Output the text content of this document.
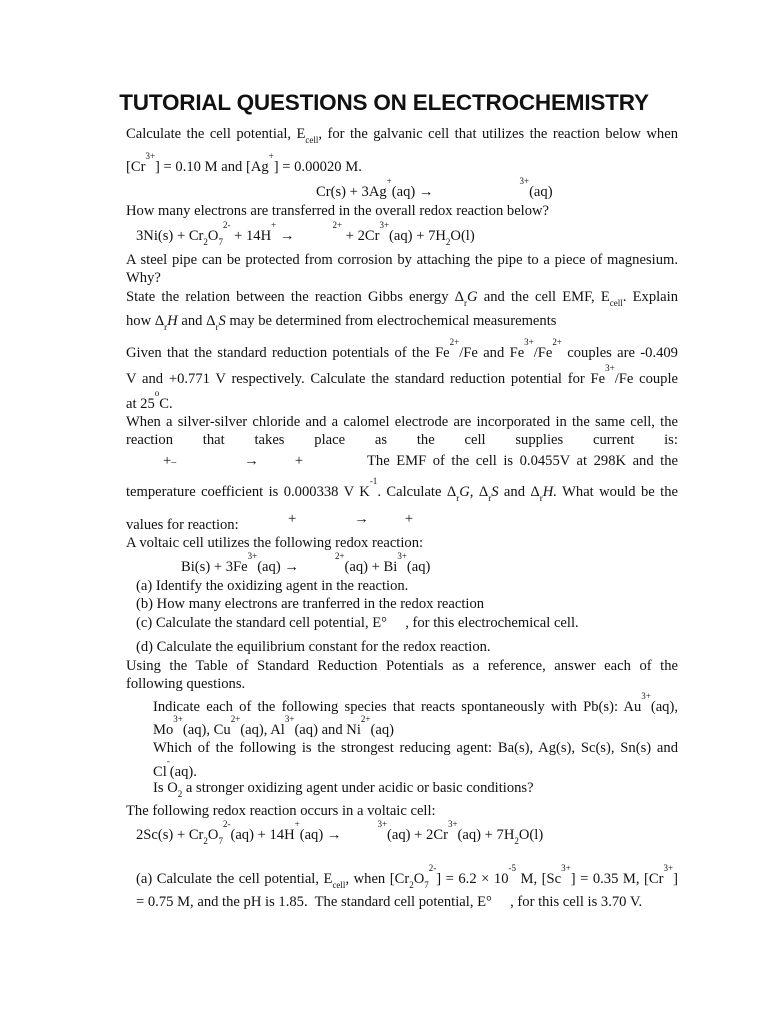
TUTORIAL QUESTIONS ON ELECTROCHEMISTRY
Calculate the cell potential, $E_{cell}$, for the galvanic cell that utilizes the reaction below when
$[Cr^{3+}] = 0.10$ M and [Ag+] = 0.00020 M.
Cr(s) + 3Ag+(aq) →$^{3+}$(aq)
How many electrons are transferred in the overall redox reaction below?
$3Ni(s) + Cr_2O_7^{2-} + 14H^+ \to^{2+} + 2Cr^{3+}(aq) + 7H_2O(l)$
A steel pipe can be protected from corrosion by attaching the pipe to a piece of magnesium.
Why?
State the relation between the reaction Gibbs energy $\Delta_rG$ and the cell EMF, $E_{cell}$. Explain
how $\Delta_rH$ and $\Delta_rS$ may be determined from electrochemical measurements
Given that the standard reduction potentials of the $Fe^{2+}/Fe$ and $Fe^{3+}/Fe^{2+}$ couples are -0.409
V and +0.771 V respectively. Calculate the standard reduction potential for $Fe^{3+}/Fe$ couple
at 25$^o$C.
When a silver-silver chloride and a calomel electrode are incorporated in the same cell, the
reaction that takes place as the cell supplies current is:
+–	→ +	The EMF of the cell is 0.0455V at 298K and the
temperature coefficient is 0.000338 V $K^{-1}$. Calculate $\Delta_rG$, $\Delta_rS$ and $\Delta_rH$. What would be the
values for reaction:	+	→ +
A voltaic cell utilizes the following redox reaction:
$Bi(s) + 3Fe^{3+}(aq) \to^{2+}(aq) + Bi^{3+}(aq)$
(a) Identify the oxidizing agent in the reaction.
(b) How many electrons are tranferred in the redox reaction
(c) Calculate the standard cell potential, E°     , for this electrochemical cell.
(d) Calculate the equilibrium constant for the redox reaction.
Using the Table of Standard Reduction Potentials as a reference, answer each of the
following questions.
Indicate each of the following species that reacts spontaneously with Pb(s): $Au^{3+}(aq)$,
$Mo^{3+}(aq)$, $Cu^{2+}(aq)$, $Al^{3+}(aq)$ and $Ni^{2+}(aq)$
Which of the following is the strongest reducing agent: Ba(s), Ag(s), Sc(s), Sn(s) and
Cl-(aq).
Is $O_2$ a stronger oxidizing agent under acidic or basic conditions?
The following redox reaction occurs in a voltaic cell:
$2Sc(s) + Cr_2O_7^{2-}(aq) + 14H^+(aq) \to^{3+}(aq) + 2Cr^{3+}(aq) + 7H_2O(l)$
(a) Calculate the cell potential, $E_{cell}$, when $[Cr_2O_7^{2-}] = 6.2 \times 10^{-5}$ M, $[Sc^{3+}] = 0.35$ M, $[Cr^{3+}]$
= 0.75 M, and the pH is 1.85.  The standard cell potential, E°     , for this cell is 3.70 V.
